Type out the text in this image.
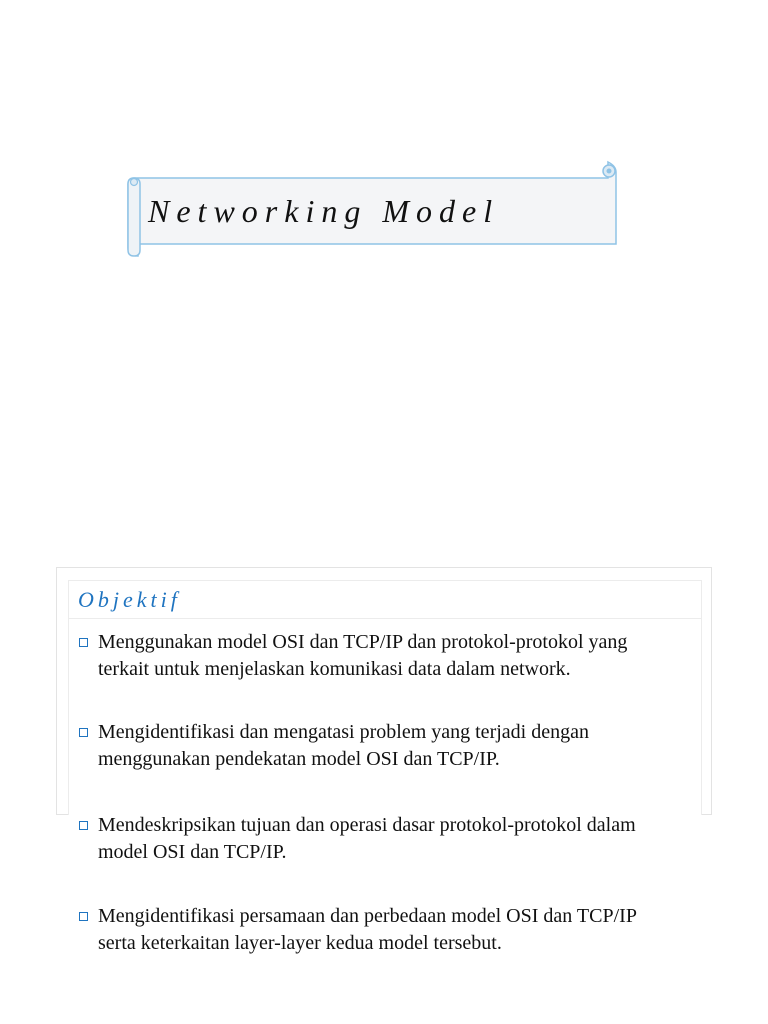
Networking Model
Objektif
Menggunakan model OSI dan TCP/IP dan protokol-protokol yang
terkait untuk menjelaskan komunikasi data dalam network.
Mengidentifikasi dan mengatasi problem yang terjadi dengan
menggunakan pendekatan model OSI dan TCP/IP.
Mendeskripsikan tujuan dan operasi dasar protokol-protokol dalam
model OSI dan TCP/IP.
Mengidentifikasi persamaan dan perbedaan model OSI dan TCP/IP
serta keterkaitan layer-layer kedua model tersebut.
